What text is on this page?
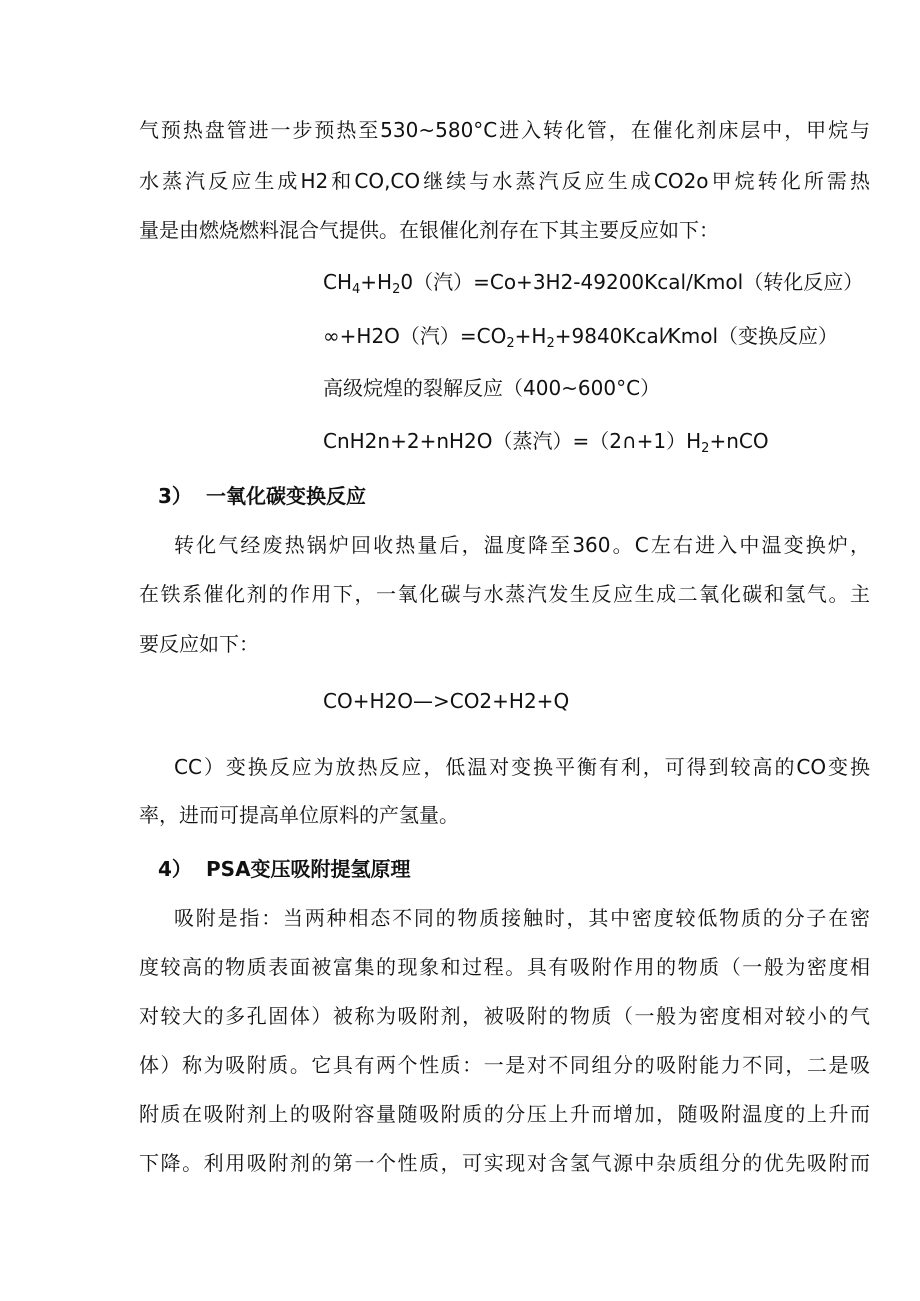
气预热盘管进一步预热至530~580°C进入转化管，在催化剂床层中，甲烷与
水蒸汽反应生成H2和CO,CO继续与水蒸汽反应生成CO2o甲烷转化所需热
量是由燃烧燃料混合气提供。在银催化剂存在下其主要反应如下：
$CH_4+H_20$（汽）=Co+3H2-49200Kcal/Kmol（转化反应）
∞+H2O（汽）$=CO_2+H_2+9840Kcal⁄Kmol$（变换反应）
高级烷煌的裂解反应（400~600°C）
CnH2n+2+nH2O（蒸汽）$=(2\cap+1)H_2+nCO$
3） 一氧化碳变换反应
转化气经废热锅炉回收热量后，温度降至360。C左右进入中温变换炉，
在铁系催化剂的作用下，一氧化碳与水蒸汽发生反应生成二氧化碳和氢气。主
要反应如下：
CO+H2O—>CO2+H2+Q
CC）变换反应为放热反应，低温对变换平衡有利，可得到较高的CO变换
率，进而可提高单位原料的产氢量。
4） PSA变压吸附提氢原理
吸附是指：当两种相态不同的物质接触时，其中密度较低物质的分子在密
度较高的物质表面被富集的现象和过程。具有吸附作用的物质（一般为密度相
对较大的多孔固体）被称为吸附剂，被吸附的物质（一般为密度相对较小的气
体）称为吸附质。它具有两个性质：一是对不同组分的吸附能力不同，二是吸
附质在吸附剂上的吸附容量随吸附质的分压上升而增加，随吸附温度的上升而
下降。利用吸附剂的第一个性质，可实现对含氢气源中杂质组分的优先吸附而
